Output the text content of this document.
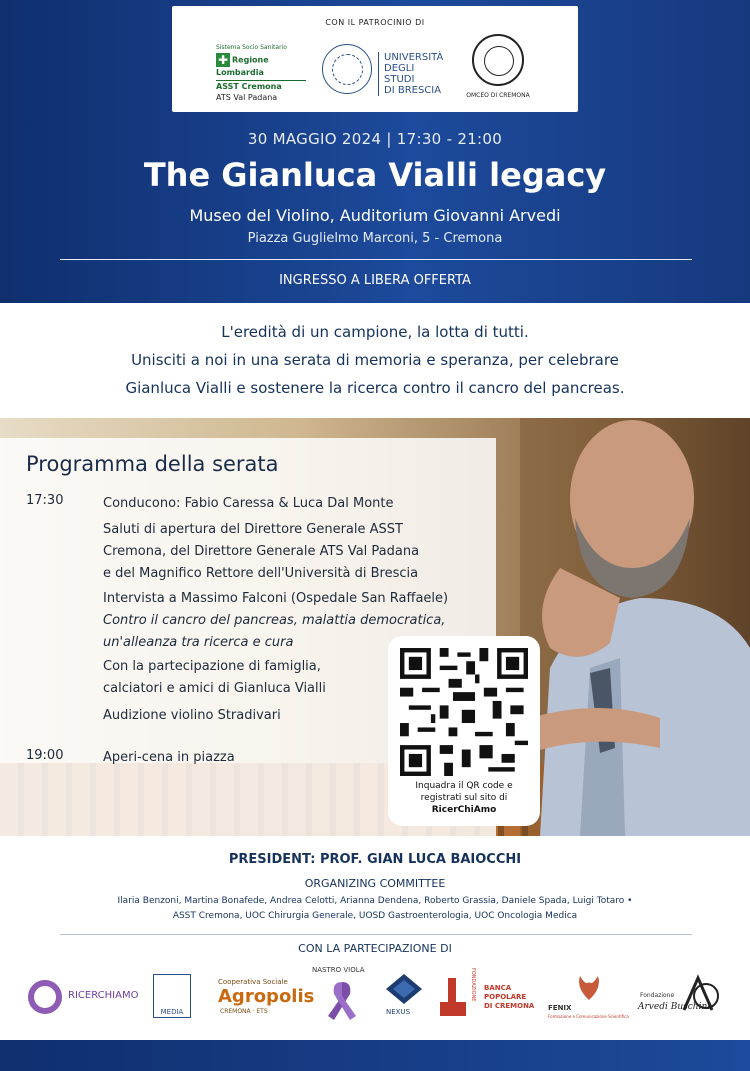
CON IL PATROCINIO DI
Sistema Socio Sanitario
✚ Regione Lombardia
ASST Cremona
ATS Val Padana
UNIVERSITÀ
DEGLI STUDI
DI BRESCIA	OMCEO DI CREMONA
30 MAGGIO 2024 | 17:30 - 21:00
The Gianluca Vialli legacy
Museo del Violino, Auditorium Giovanni Arvedi
Piazza Guglielmo Marconi, 5 - Cremona
INGRESSO A LIBERA OFFERTA
L'eredità di un campione, la lotta di tutti.
Unisciti a noi in una serata di memoria e speranza, per celebrare
Gianluca Vialli e sostenere la ricerca contro il cancro del pancreas.
Inquadra il QR code e
registrati sul sito di
RicerChiAmo
Programma della serata
17:30	Conducono: Fabio Caressa & Luca Dal Monte
Saluti di apertura del Direttore Generale ASST
Cremona, del Direttore Generale ATS Val Padana
e del Magnifico Rettore dell'Università di Brescia
Intervista a Massimo Falconi (Ospedale San Raffaele)
Contro il cancro del pancreas, malattia democratica,
un'alleanza tra ricerca e cura
Con la partecipazione di famiglia,
calciatori e amici di Gianluca Vialli
Audizione violino Stradivari
19:00	Aperi-cena in piazza
PRESIDENT: PROF. GIAN LUCA BAIOCCHI
ORGANIZING COMMITTEE
Ilaria Benzoni, Martina Bonafede, Andrea Celotti, Arianna Dendena, Roberto Grassia, Daniele Spada, Luigi Totaro •
ASST Cremona, UOC Chirurgia Generale, UOSD Gastroenterologia, UOC Oncologia Medica
CON LA PARTECIPAZIONE DI
RICERCHIAMO
MEDIA
Cooperativa Sociale
Agropolis
CREMONA · ETS
NASTRO VIOLA
NEXUS
FONDAZIONE BANCA
POPOLARE
DI CREMONA FENIX
Formazione e Comunicazione Scientifica
Fondazione
Arvedi Buschini
